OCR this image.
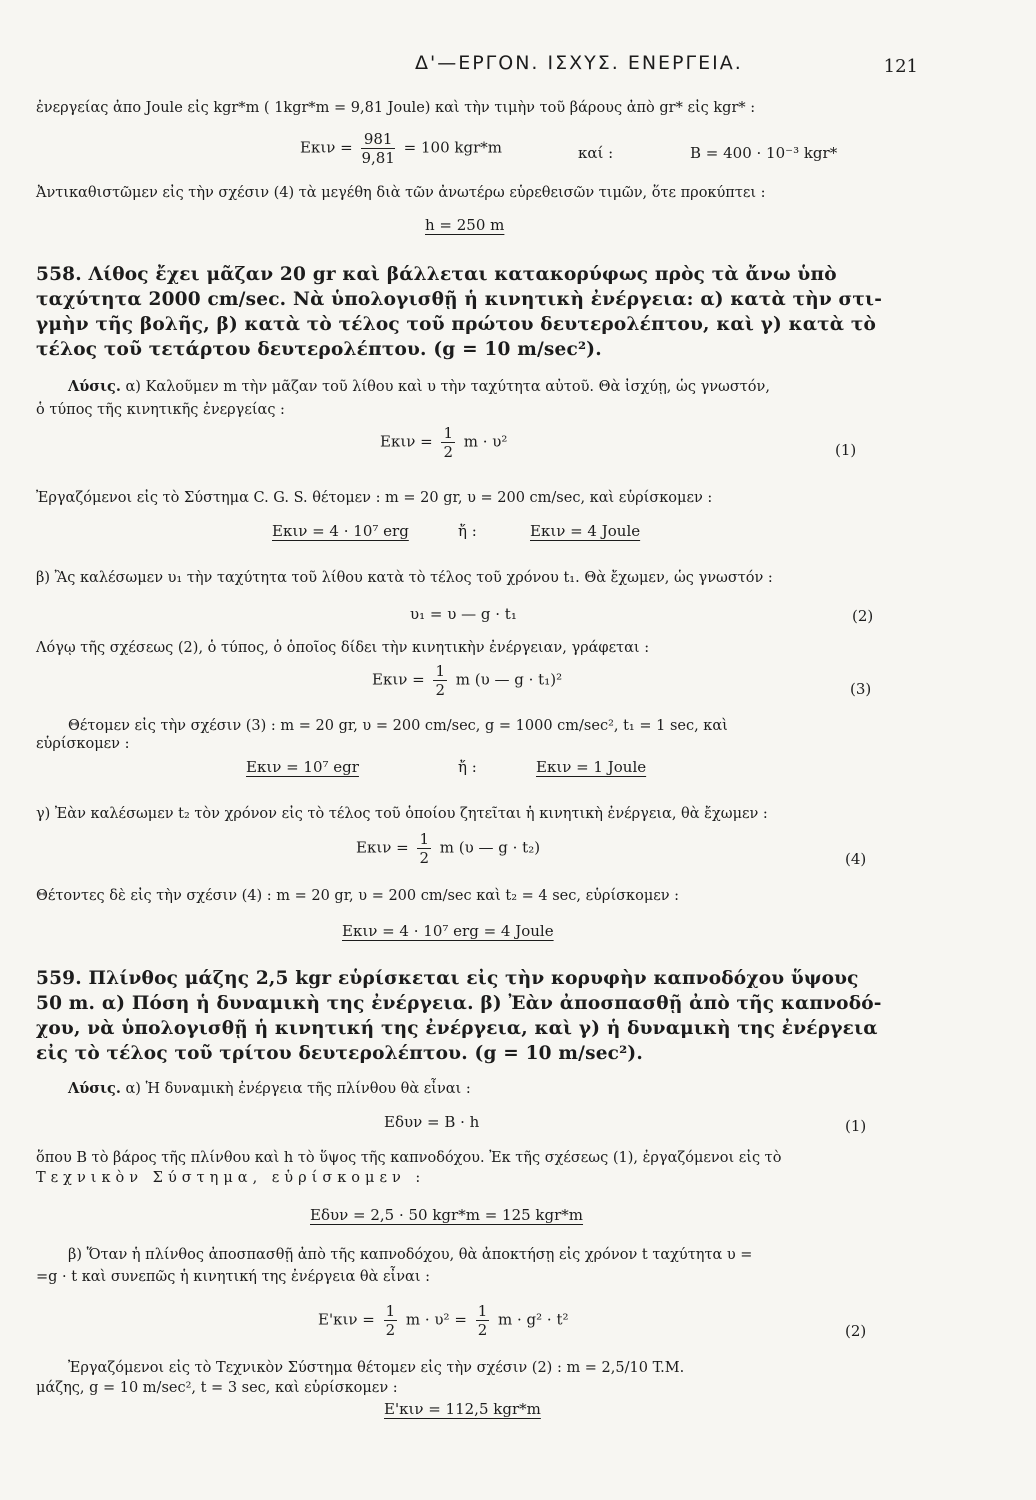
Δ'—ΕΡΓΟΝ. ΙΣΧΥΣ. ΕΝΕΡΓΕΙΑ.	121
ἐνεργείας ἀπο Joule εἰς kgr*m ( 1kgr*m = 9,81 Joule) καὶ τὴν τιμὴν τοῦ βάρους ἀπὸ gr* εἰς kgr* :
$E\kappa\iota\nu = \frac{981}{9,81} = 100$ kgr*m	καί :	B = 400 · 10⁻³ kgr*
Ἀντικαθιστῶμεν εἰς τὴν σχέσιν (4) τὰ μεγέθη διὰ τῶν ἀνωτέρω εὑρεθεισῶν τιμῶν, ὅτε προκύπτει :
h = 250 m
558. Λίθος ἔχει μᾶζαν 20 gr καὶ βάλλεται κατακορύφως πρὸς τὰ ἄνω ὑπὸ
ταχύτητα 2000 cm/sec. Νὰ ὑπολογισθῇ ἡ κινητικὴ ἐνέργεια: α) κατὰ τὴν στι-
γμὴν τῆς βολῆς, β) κατὰ τὸ τέλος τοῦ πρώτου δευτερολέπτου, καὶ γ) κατὰ τὸ
τέλος τοῦ τετάρτου δευτερολέπτου. (g = 10 m/sec²).
Λύσις. α) Καλοῦμεν m τὴν μᾶζαν τοῦ λίθου καὶ υ τὴν ταχύτητα αὐτοῦ. Θὰ ἰσχύῃ, ὡς γνωστόν,
ὁ τύπος τῆς κινητικῆς ἐνεργείας :
$E\kappa\iota\nu = \frac{1}{2}$ m · υ²	(1)
Ἐργαζόμενοι εἰς τὸ Σύστημα C. G. S. θέτομεν : m = 20 gr, υ = 200 cm/sec, καὶ εὑρίσκομεν :
Eκιν = 4 · 10⁷ erg	ἤ :	Eκιν = 4 Joule
β) Ἂς καλέσωμεν υ₁ τὴν ταχύτητα τοῦ λίθου κατὰ τὸ τέλος τοῦ χρόνου t₁. Θὰ ἔχωμεν, ὡς γνωστόν :
υ₁ = υ — g · t₁	(2)
Λόγῳ τῆς σχέσεως (2), ὁ τύπος, ὁ ὁποῖος δίδει τὴν κινητικὴν ἐνέργειαν, γράφεται :
$E\kappa\iota\nu = \frac{1}{2}$ m (υ — g · t₁)²
(3)
Θέτομεν εἰς τὴν σχέσιν (3) : m = 20 gr, υ = 200 cm/sec, g = 1000 cm/sec², t₁ = 1 sec, καὶ
εὑρίσκομεν :
Eκιν = 10⁷ egr	ἤ :	Eκιν = 1 Joule
γ) Ἐὰν καλέσωμεν t₂ τὸν χρόνον εἰς τὸ τέλος τοῦ ὁποίου ζητεῖται ἡ κινητικὴ ἐνέργεια, θὰ ἔχωμεν :
$E\kappa\iota\nu = \frac{1}{2}$ m (υ — g · t₂)
(4)
Θέτοντες δὲ εἰς τὴν σχέσιν (4) : m = 20 gr, υ = 200 cm/sec καὶ t₂ = 4 sec, εὑρίσκομεν :
Eκιν = 4 · 10⁷ erg = 4 Joule
559. Πλίνθος μάζης 2,5 kgr εὑρίσκεται εἰς τὴν κορυφὴν καπνοδόχου ὕψους
50 m. α) Πόση ἡ δυναμικὴ της ἐνέργεια. β) Ἐὰν ἀποσπασθῇ ἀπὸ τῆς καπνοδό-
χου, νὰ ὑπολογισθῇ ἡ κινητική της ἐνέργεια, καὶ γ) ἡ δυναμικὴ της ἐνέργεια
εἰς τὸ τέλος τοῦ τρίτου δευτερολέπτου. (g = 10 m/sec²).
Λύσις. α) Ἡ δυναμικὴ ἐνέργεια τῆς πλίνθου θὰ εἶναι :
Eδυν = B · h	(1)
ὅπου B τὸ βάρος τῆς πλίνθου καὶ h τὸ ὕψος τῆς καπνοδόχου. Ἐκ τῆς σχέσεως (1), ἐργαζόμενοι εἰς τὸ
Τεχνικὸν Σύστημα, εὑρίσκομεν :
Eδυν = 2,5 · 50 kgr*m = 125 kgr*m
β) Ὅταν ἡ πλίνθος ἀποσπασθῇ ἀπὸ τῆς καπνοδόχου, θὰ ἀποκτήσῃ εἰς χρόνον t ταχύτητα υ =
=g · t καὶ συνεπῶς ἡ κινητική της ἐνέργεια θὰ εἶναι :
$E'\kappa\iota\nu = \frac{1}{2}$ $m \cdot \upsilon^2 = \frac{1}{2}$ m · g² · t²
(2)
Ἐργαζόμενοι εἰς τὸ Τεχνικὸν Σύστημα θέτομεν εἰς τὴν σχέσιν (2) : m = 2,5/10 T.M.
μάζης, g = 10 m/sec², t = 3 sec, καὶ εὑρίσκομεν :
E'κιν = 112,5 kgr*m
